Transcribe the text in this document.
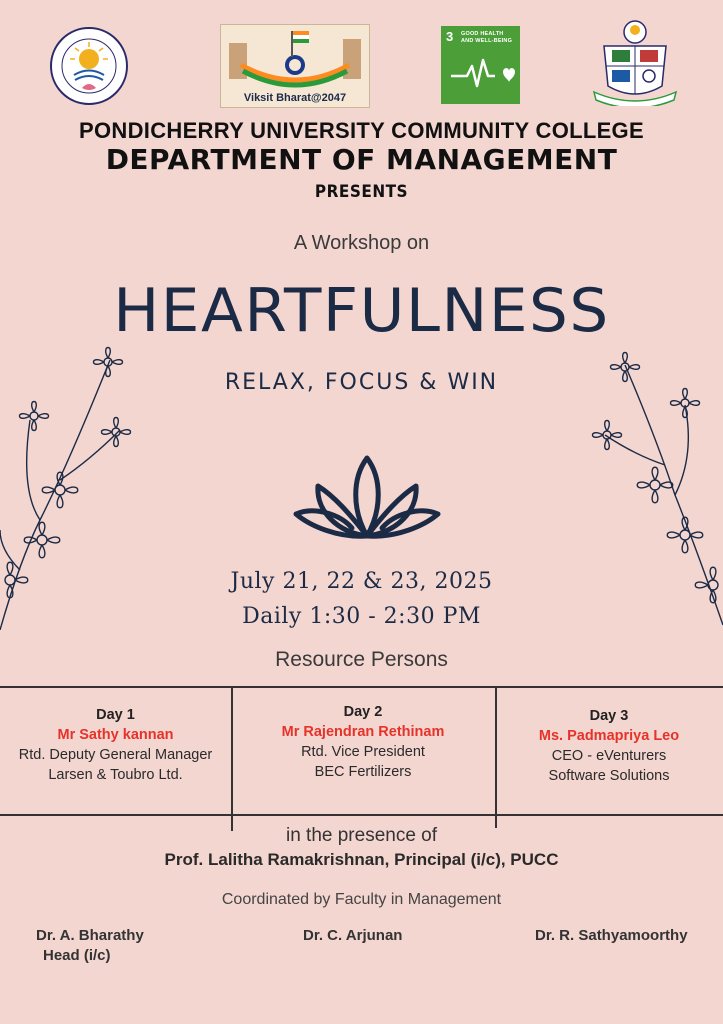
Viksit Bharat@2047
3 GOOD HEALTH
AND WELL-BEING
PONDICHERRY UNIVERSITY COMMUNITY COLLEGE
DEPARTMENT OF MANAGEMENT
PRESENTS
A Workshop on
HEARTFULNESS
RELAX, FOCUS & WIN
July 21, 22 & 23, 2025
Daily 1:30 - 2:30 PM
Resource Persons
Day 1
Mr Sathy kannan
Rtd. Deputy General Manager
Larsen & Toubro Ltd.
Day 2
Mr Rajendran Rethinam
Rtd. Vice President
BEC Fertilizers
Day 3
Ms. Padmapriya Leo
CEO - eVenturers
Software Solutions
in the presence of
Prof. Lalitha Ramakrishnan, Principal (i/c), PUCC
Coordinated by Faculty in Management
Dr. A. Bharathy
Head (i/c)
Dr. C. Arjunan	Dr. R. Sathyamoorthy
